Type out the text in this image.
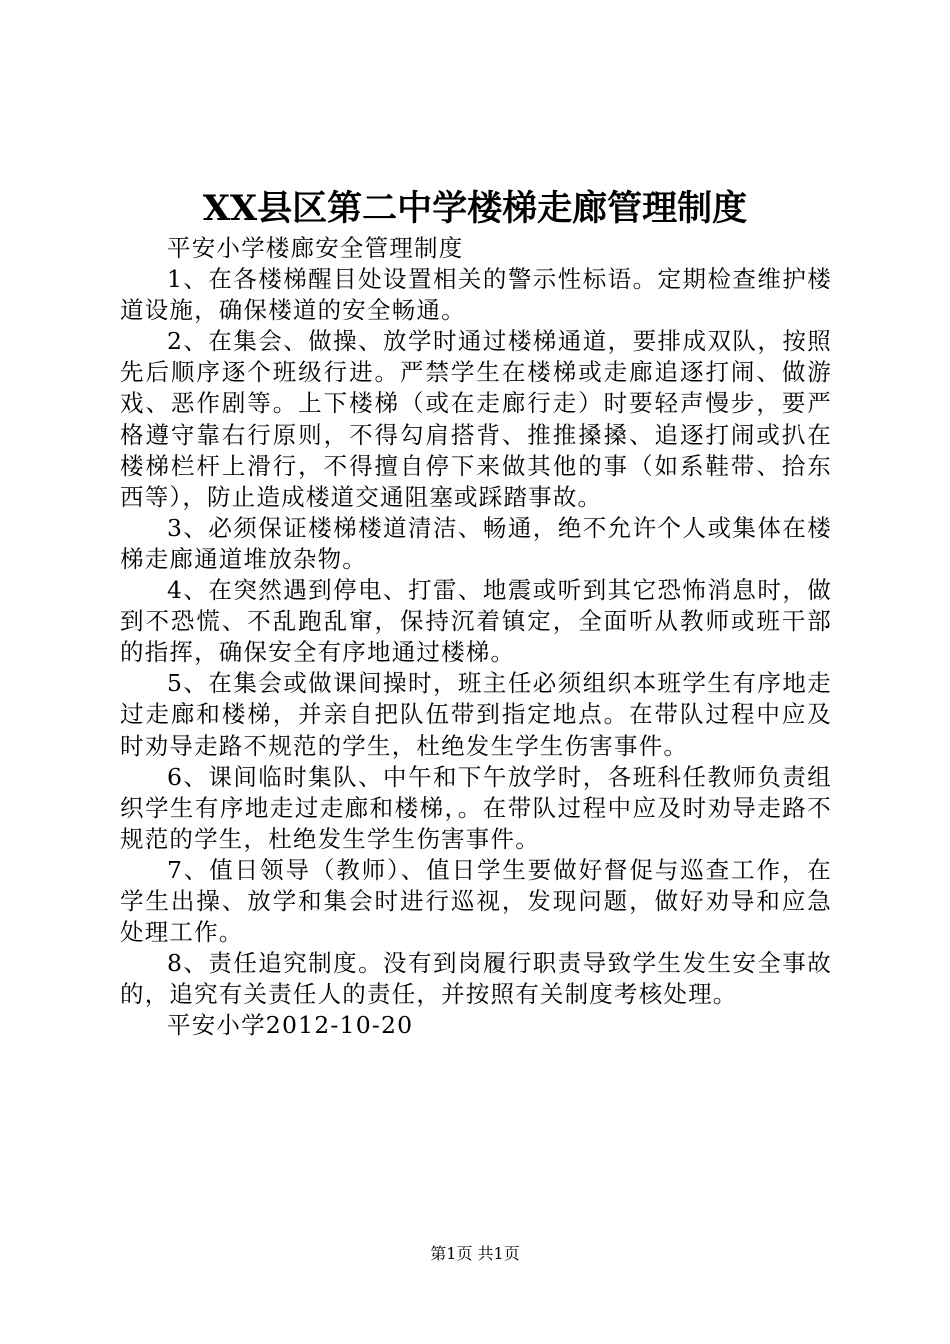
XX县区第二中学楼梯走廊管理制度

平安小学楼廊安全管理制度

1、在各楼梯醒目处设置相关的警示性标语。定期检查维护楼道设施，确保楼道的安全畅通。

2、在集会、做操、放学时通过楼梯通道，要排成双队，按照先后顺序逐个班级行进。严禁学生在楼梯或走廊追逐打闹、做游戏、恶作剧等。上下楼梯（或在走廊行走）时要轻声慢步，要严格遵守靠右行原则，不得勾肩搭背、推推搡搡、追逐打闹或扒在楼梯栏杆上滑行，不得擅自停下来做其他的事（如系鞋带、拾东西等），防止造成楼道交通阻塞或踩踏事故。

3、必须保证楼梯楼道清洁、畅通，绝不允许个人或集体在楼梯走廊通道堆放杂物。

4、在突然遇到停电、打雷、地震或听到其它恐怖消息时，做到不恐慌、不乱跑乱窜，保持沉着镇定，全面听从教师或班干部的指挥，确保安全有序地通过楼梯。

5、在集会或做课间操时，班主任必须组织本班学生有序地走过走廊和楼梯，并亲自把队伍带到指定地点。在带队过程中应及时劝导走路不规范的学生，杜绝发生学生伤害事件。

6、课间临时集队、中午和下午放学时，各班科任教师负责组织学生有序地走过走廊和楼梯，。在带队过程中应及时劝导走路不规范的学生，杜绝发生学生伤害事件。

7、值日领导（教师）、值日学生要做好督促与巡查工作，在学生出操、放学和集会时进行巡视，发现问题，做好劝导和应急处理工作。

8、责任追究制度。没有到岗履行职责导致学生发生安全事故的，追究有关责任人的责任，并按照有关制度考核处理。

平安小学2012-10-20

第1页 共1页
